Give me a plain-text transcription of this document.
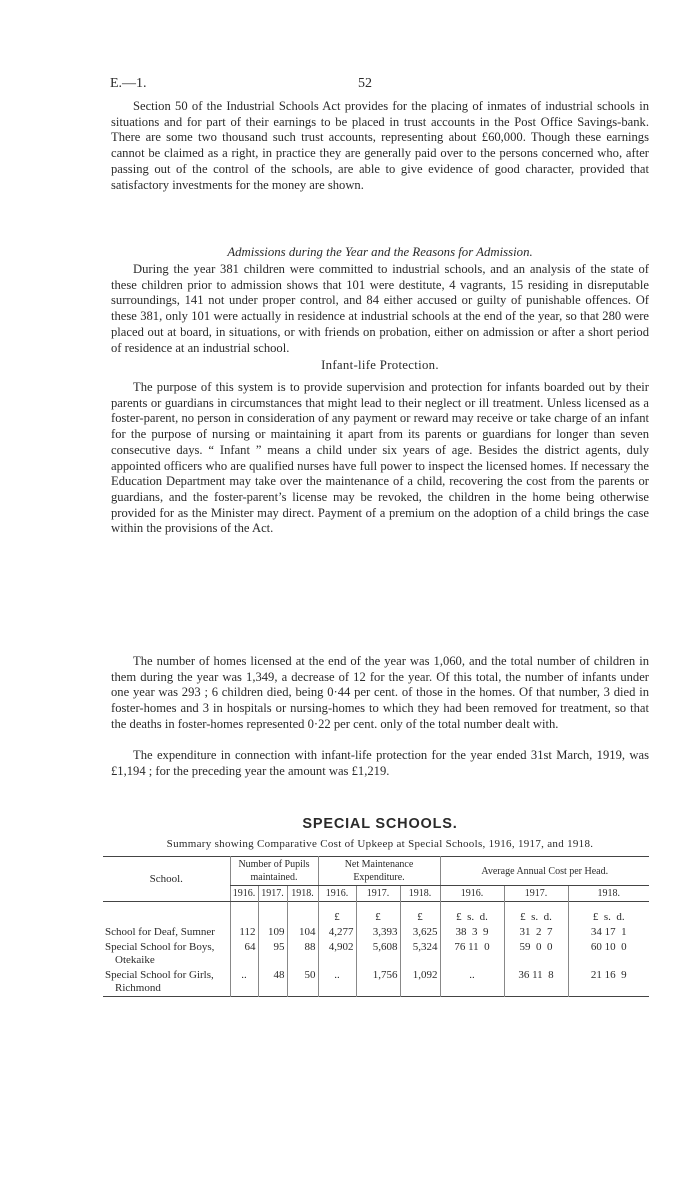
E.—1.	52

Section 50 of the Industrial Schools Act provides for the placing of inmates of industrial schools in situations and for part of their earnings to be placed in trust accounts in the Post Office Savings-bank. There are some two thousand such trust accounts, representing about £60,000. Though these earnings cannot be claimed as a right, in practice they are generally paid over to the persons concerned who, after passing out of the control of the schools, are able to give evidence of good character, provided that satisfactory investments for the money are shown.

Admissions during the Year and the Reasons for Admission.

During the year 381 children were committed to industrial schools, and an analysis of the state of these children prior to admission shows that 101 were destitute, 4 vagrants, 15 residing in disreputable surroundings, 141 not under proper control, and 84 either accused or guilty of punishable offences. Of these 381, only 101 were actually in residence at industrial schools at the end of the year, so that 280 were placed out at board, in situations, or with friends on probation, either on admission or after a short period of residence at an industrial school.

Infant-life Protection.

The purpose of this system is to provide supervision and protection for infants boarded out by their parents or guardians in circumstances that might lead to their neglect or ill treatment. Unless licensed as a foster-parent, no person in consideration of any payment or reward may receive or take charge of an infant for the purpose of nursing or maintaining it apart from its parents or guardians for longer than seven consecutive days. “ Infant ” means a child under six years of age. Besides the district agents, duly appointed officers who are qualified nurses have full power to inspect the licensed homes. If necessary the Education Department may take over the maintenance of a child, recovering the cost from the parents or guardians, and the foster-parent’s license may be revoked, the children in the home being otherwise provided for as the Minister may direct. Payment of a premium on the adoption of a child brings the case within the provisions of the Act.

The number of homes licensed at the end of the year was 1,060, and the total number of children in them during the year was 1,349, a decrease of 12 for the year. Of this total, the number of infants under one year was 293 ; 6 children died, being 0·44 per cent. of those in the homes. Of that number, 3 died in foster-homes and 3 in hospitals or nursing-homes to which they had been removed for treatment, so that the deaths in foster-homes represented 0·22 per cent. only of the total number dealt with.

The expenditure in connection with infant-life protection for the year ended 31st March, 1919, was £1,194 ; for the preceding year the amount was £1,219.

SPECIAL SCHOOLS.
Summary showing Comparative Cost of Upkeep at Special Schools, 1916, 1917, and 1918.
School.	Number of Pupils maintained.			Net Maintenance Expenditure.			Average Annual Cost per Head.		
	1916.	1917.	1918.	1916.	1917.	1918.	1916.	1917.	1918.

				£	£	£	£  s.  d.	£  s.  d.	£  s.  d.
School for Deaf, Sumner	112	109	104	4,277	3,393	3,625	38  3  9	31  2  7	34 17  1
Special School for Boys,
Otekaike	64	95	88	4,902	5,608	5,324	76 11  0	59  0  0	60 10  0
Special School for Girls,
Richmond	..	48	50	..	1,756	1,092	..	36 11  8	21 16  9
